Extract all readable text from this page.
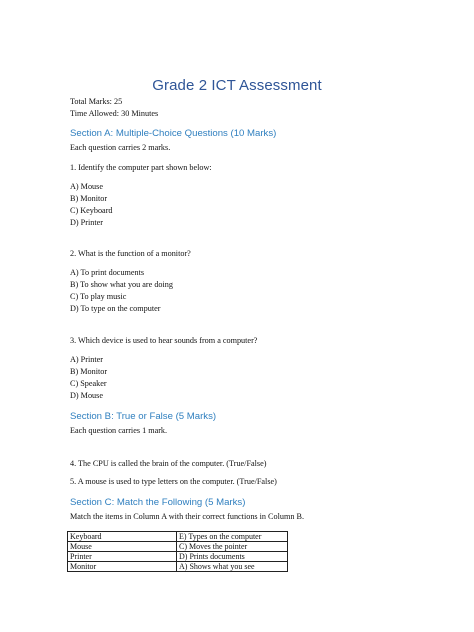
Grade 2 ICT Assessment
Total Marks: 25
Time Allowed: 30 Minutes
Section A: Multiple-Choice Questions (10 Marks)
Each question carries 2 marks.
1. Identify the computer part shown below:
A) Mouse
B) Monitor
C) Keyboard
D) Printer
2. What is the function of a monitor?
A) To print documents
B) To show what you are doing
C) To play music
D) To type on the computer
3. Which device is used to hear sounds from a computer?
A) Printer
B) Monitor
C) Speaker
D) Mouse
Section B: True or False (5 Marks)
Each question carries 1 mark.
4. The CPU is called the brain of the computer. (True/False)
5. A mouse is used to type letters on the computer. (True/False)
Section C: Match the Following (5 Marks)
Match the items in Column A with their correct functions in Column B.
Keyboard	E) Types on the computer
Mouse	C) Moves the pointer
Printer	D) Prints documents
Monitor	A) Shows what you see
